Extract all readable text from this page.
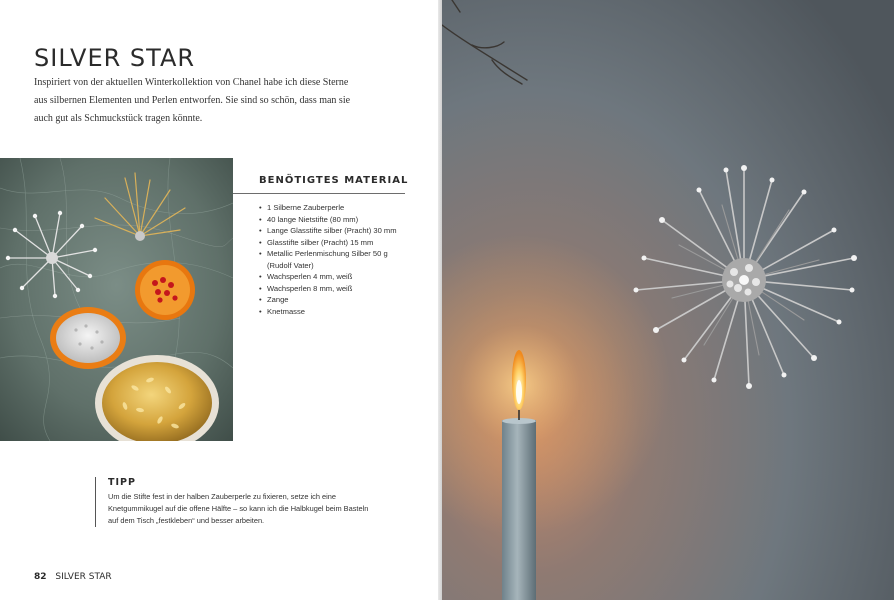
SILVER STAR

Inspiriert von der aktuellen Winterkollektion von Chanel habe ich diese Sterne aus silbernen Elementen und Perlen entworfen. Sie sind so schön, dass man sie auch gut als Schmuckstück tragen könnte.

BENÖTIGTES MATERIAL
• 1 Silberne Zauberperle
• 40 lange Nietstifte (80 mm)
• Lange Glasstifte silber (Pracht) 30 mm
• Glasstifte silber (Pracht) 15 mm
• Metallic Perlenmischung Silber 50 g
(Rudolf Vater)
• Wachsperlen 4 mm, weiß
• Wachsperlen 8 mm, weiß
• Zange
• Knetmasse
TIPP
Um die Stifte fest in der halben Zauberperle zu fixieren, setze ich eine Knetgummikugel auf die offene Hälfte – so kann ich die Halbkugel beim Basteln auf dem Tisch „festkleben“ und besser arbeiten.
82 SILVER STAR
